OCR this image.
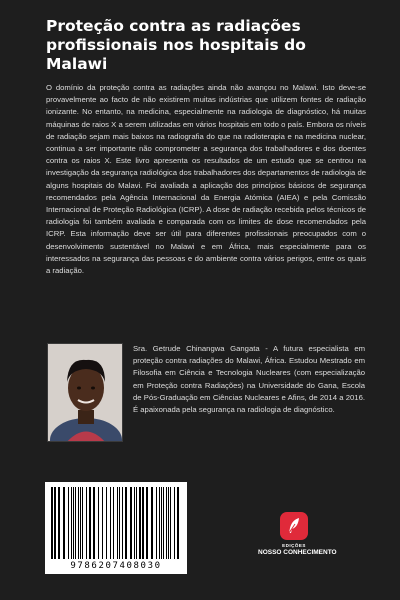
Proteção contra as radiações profissionais nos hospitais do Malawi
O domínio da proteção contra as radiações ainda não avançou no Malawi. Isto deve-se provavelmente ao facto de não existirem muitas indústrias que utilizem fontes de radiação ionizante. No entanto, na medicina, especialmente na radiologia de diagnóstico, há muitas máquinas de raios X a serem utilizadas em vários hospitais em todo o país. Embora os níveis de radiação sejam mais baixos na radiografia do que na radioterapia e na medicina nuclear, continua a ser importante não comprometer a segurança dos trabalhadores e dos doentes contra os raios X. Este livro apresenta os resultados de um estudo que se centrou na investigação da segurança radiológica dos trabalhadores dos departamentos de radiologia de alguns hospitais do Malavi. Foi avaliada a aplicação dos princípios básicos de segurança recomendados pela Agência Internacional da Energia Atómica (AIEA) e pela Comissão Internacional de Proteção Radiológica (ICRP). A dose de radiação recebida pelos técnicos de radiologia foi também avaliada e comparada com os limites de dose recomendados pela ICRP. Esta informação deve ser útil para diferentes profissionais preocupados com o desenvolvimento sustentável no Malawi e em África, mais especialmente para os interessados na segurança das pessoas e do ambiente contra vários perigos, entre os quais a radiação.
Sra. Getrude Chinangwa Gangata - A futura especialista em proteção contra radiações do Malawi, África. Estudou Mestrado em Filosofia em Ciência e Tecnologia Nucleares (com especialização em Proteção contra Radiações) na Universidade do Gana, Escola de Pós-Graduação em Ciências Nucleares e Afins, de 2014 a 2016. É apaixonada pela segurança na radiologia de diagnóstico.
9786207408030
EDIÇÕES
NOSSO CONHECIMENTO
